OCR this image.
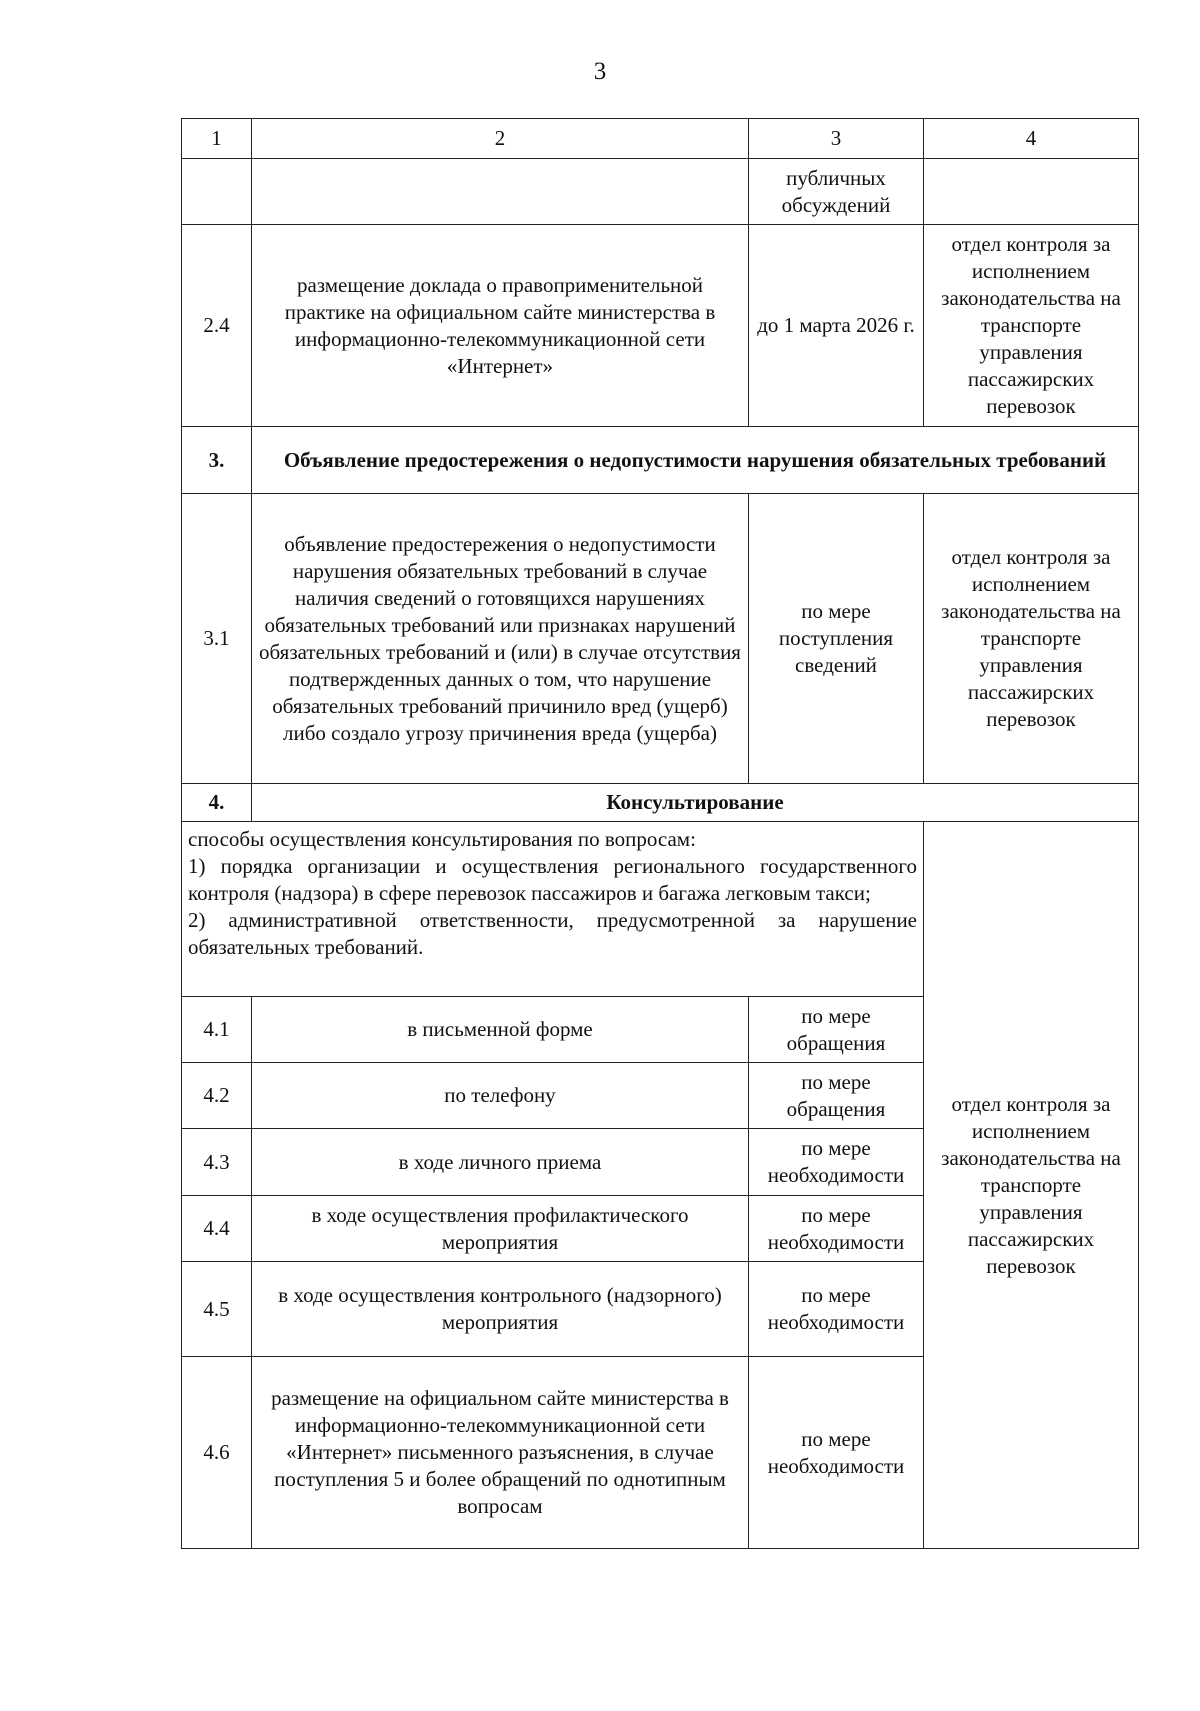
3
1	2	3	4
		публичных обсуждений	
2.4	размещение доклада о правоприменительной практике на официальном сайте министерства в информационно-телекоммуникационной сети «Интернет»	до 1 марта 2026 г.	отдел контроля за исполнением законодательства на транспорте управления пассажирских перевозок
3.	Объявление предостережения о недопустимости нарушения обязательных требований		
3.1	объявление предостережения о недопустимости нарушения обязательных требований в случае наличия сведений о готовящихся нарушениях обязательных требований или признаках нарушений обязательных требований и (или) в случае отсутствия подтвержденных данных о том, что нарушение обязательных требований причинило вред (ущерб) либо создало угрозу причинения вреда (ущерба)	по мере поступления сведений	отдел контроля за исполнением законодательства на транспорте управления пассажирских перевозок
4.	Консультирование		

способы осуществления консультирования по вопросам:
1) порядка организации и осуществления регионального государственного контроля (надзора) в сфере перевозок пассажиров и багажа легковым такси;
2) административной ответственности, предусмотренной за нарушение обязательных требований.			отдел контроля за исполнением законодательства на транспорте управления пассажирских перевозок
4.1	в письменной форме	по мере обращения	
4.2	по телефону	по мере обращения	
4.3	в ходе личного приема	по мере необходимости	
4.4	в ходе осуществления профилактического мероприятия	по мере необходимости	
4.5	в ходе осуществления контрольного (надзорного) мероприятия	по мере необходимости	
4.6	размещение на официальном сайте министерства в информационно-телекоммуникационной сети «Интернет» письменного разъяснения, в случае поступления 5 и более обращений по однотипным вопросам	по мере необходимости	
